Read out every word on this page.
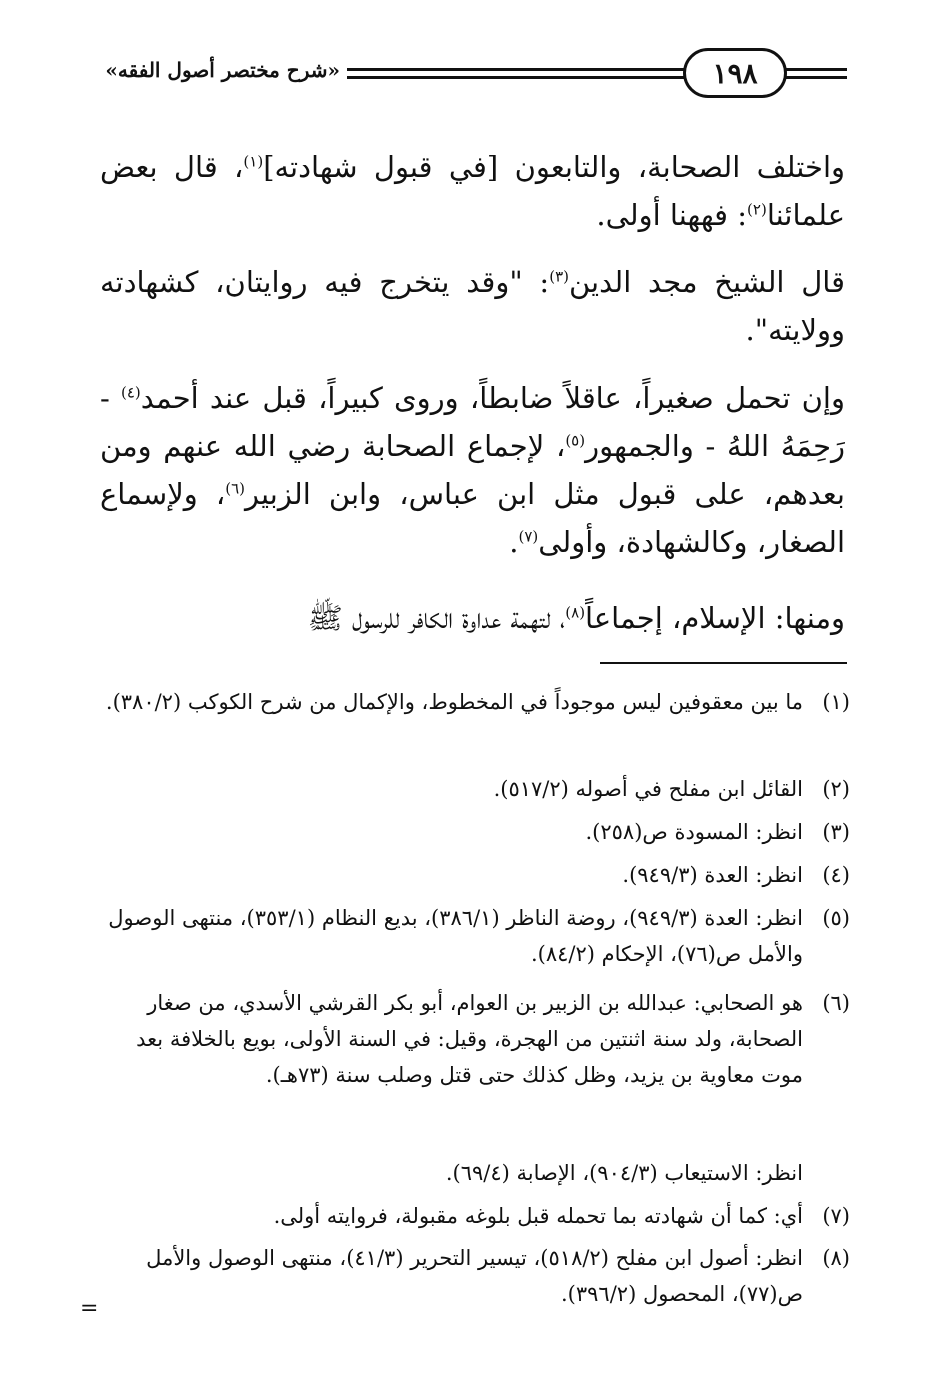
«شرح مختصر أصول الفقه»	١٩٨
واختلف الصحابة، والتابعون [في قبول شهادته]$^{(١)}$، قال بعض علمائنا$^{(٢)}$: فههنا أولى.
قال الشيخ مجد الدين$^{(٣)}$: "وقد يتخرج فيه روايتان، كشهادته وولايته".
وإن تحمل صغيراً، عاقلاً ضابطاً، وروى كبيراً، قبل عند أحمد$^{(٤)}$ - رَحِمَهُ اللهُ - والجمهور$^{(٥)}$، لإجماع الصحابة رضي الله عنهم ومن بعدهم، على قبول مثل ابن عباس، وابن الزبير$^{(٦)}$، ولإسماع الصغار، وكالشهادة، وأولى$^{(٧)}$.
ومنها: الإسلام، إجماعاً$^{(٨)}$، لتهمة عداوة الكافر للرسول ﷺ
(١)
ما بين معقوفين ليس موجوداً في المخطوط، والإكمال من شرح الكوكب (٣٨٠/٢).
(٢)
القائل ابن مفلح في أصوله (٥١٧/٢).
(٣)
انظر: المسودة ص(٢٥٨).
(٤)
انظر: العدة (٩٤٩/٣).
(٥)
انظر: العدة (٩٤٩/٣)، روضة الناظر (٣٨٦/١)، بديع النظام (٣٥٣/١)، منتهى الوصول والأمل ص(٧٦)، الإحكام (٨٤/٢).
(٦)
هو الصحابي: عبدالله بن الزبير بن العوام، أبو بكر القرشي الأسدي، من صغار الصحابة، ولد سنة اثنتين من الهجرة، وقيل: في السنة الأولى، بويع بالخلافة بعد موت معاوية بن يزيد، وظل كذلك حتى قتل وصلب سنة (٧٣هـ).
انظر: الاستيعاب (٩٠٤/٣)، الإصابة (٦٩/٤).
(٧)
أي: كما أن شهادته بما تحمله قبل بلوغه مقبولة، فروايته أولى.
(٨)
انظر: أصول ابن مفلح (٥١٨/٢)، تيسير التحرير (٤١/٣)، منتهى الوصول والأمل ص(٧٧)، المحصول (٣٩٦/٢).
=
